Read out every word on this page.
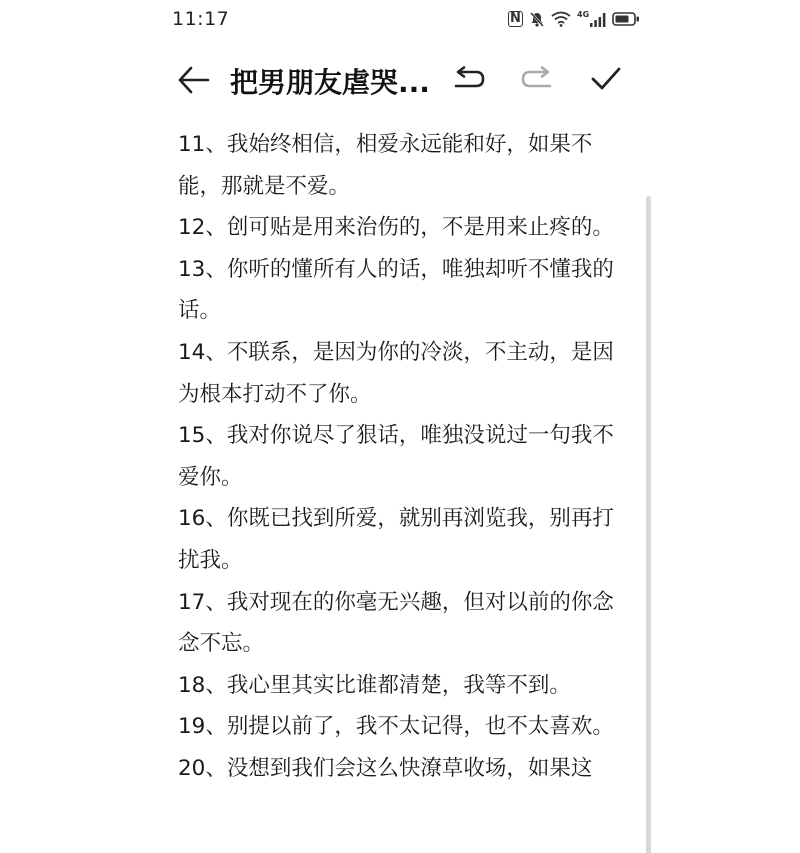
11:17	N	4G
把男朋友虐哭...

11、我始终相信，相爱永远能和好，如果不能，那就是不爱。

12、创可贴是用来治伤的，不是用来止疼的。

13、你听的懂所有人的话，唯独却听不懂我的话。

14、不联系，是因为你的冷淡，不主动，是因为根本打动不了你。

15、我对你说尽了狠话，唯独没说过一句我不爱你。

16、你既已找到所爱，就别再浏览我，别再打扰我。

17、我对现在的你毫无兴趣，但对以前的你念念不忘。

18、我心里其实比谁都清楚，我等不到。

19、别提以前了，我不太记得，也不太喜欢。

20、没想到我们会这么快潦草收场，如果这
